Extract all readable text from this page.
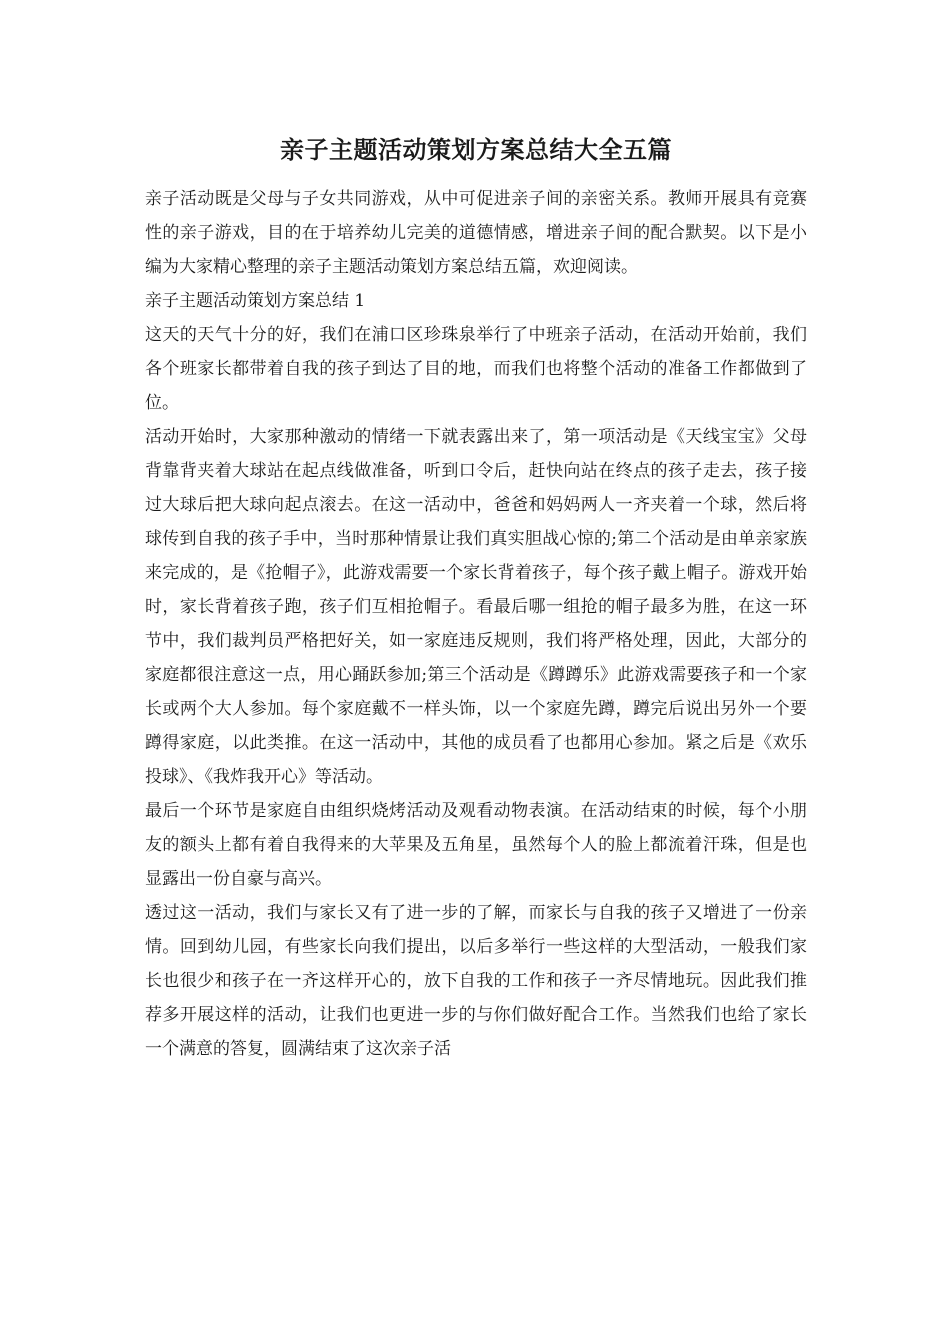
亲子主题活动策划方案总结大全五篇

亲子活动既是父母与子女共同游戏，从中可促进亲子间的亲密关系。教师开展具有竞赛性的亲子游戏，目的在于培养幼儿完美的道德情感，增进亲子间的配合默契。以下是小编为大家精心整理的亲子主题活动策划方案总结五篇，欢迎阅读。

亲子主题活动策划方案总结 1

这天的天气十分的好，我们在浦口区珍珠泉举行了中班亲子活动，在活动开始前，我们各个班家长都带着自我的孩子到达了目的地，而我们也将整个活动的准备工作都做到了位。

活动开始时，大家那种激动的情绪一下就表露出来了，第一项活动是《天线宝宝》父母背靠背夹着大球站在起点线做准备，听到口令后，赶快向站在终点的孩子走去，孩子接过大球后把大球向起点滚去。在这一活动中，爸爸和妈妈两人一齐夹着一个球，然后将球传到自我的孩子手中，当时那种情景让我们真实胆战心惊的;第二个活动是由单亲家族来完成的，是《抢帽子》，此游戏需要一个家长背着孩子，每个孩子戴上帽子。游戏开始时，家长背着孩子跑，孩子们互相抢帽子。看最后哪一组抢的帽子最多为胜，在这一环节中，我们裁判员严格把好关，如一家庭违反规则，我们将严格处理，因此，大部分的家庭都很注意这一点，用心踊跃参加;第三个活动是《蹲蹲乐》此游戏需要孩子和一个家长或两个大人参加。每个家庭戴不一样头饰，以一个家庭先蹲，蹲完后说出另外一个要蹲得家庭，以此类推。在这一活动中，其他的成员看了也都用心参加。紧之后是《欢乐投球》、《我炸我开心》等活动。

最后一个环节是家庭自由组织烧烤活动及观看动物表演。在活动结束的时候，每个小朋友的额头上都有着自我得来的大苹果及五角星，虽然每个人的脸上都流着汗珠，但是也显露出一份自豪与高兴。

透过这一活动，我们与家长又有了进一步的了解，而家长与自我的孩子又增进了一份亲情。回到幼儿园，有些家长向我们提出，以后多举行一些这样的大型活动，一般我们家长也很少和孩子在一齐这样开心的，放下自我的工作和孩子一齐尽情地玩。因此我们推荐多开展这样的活动，让我们也更进一步的与你们做好配合工作。当然我们也给了家长一个满意的答复，圆满结束了这次亲子活
